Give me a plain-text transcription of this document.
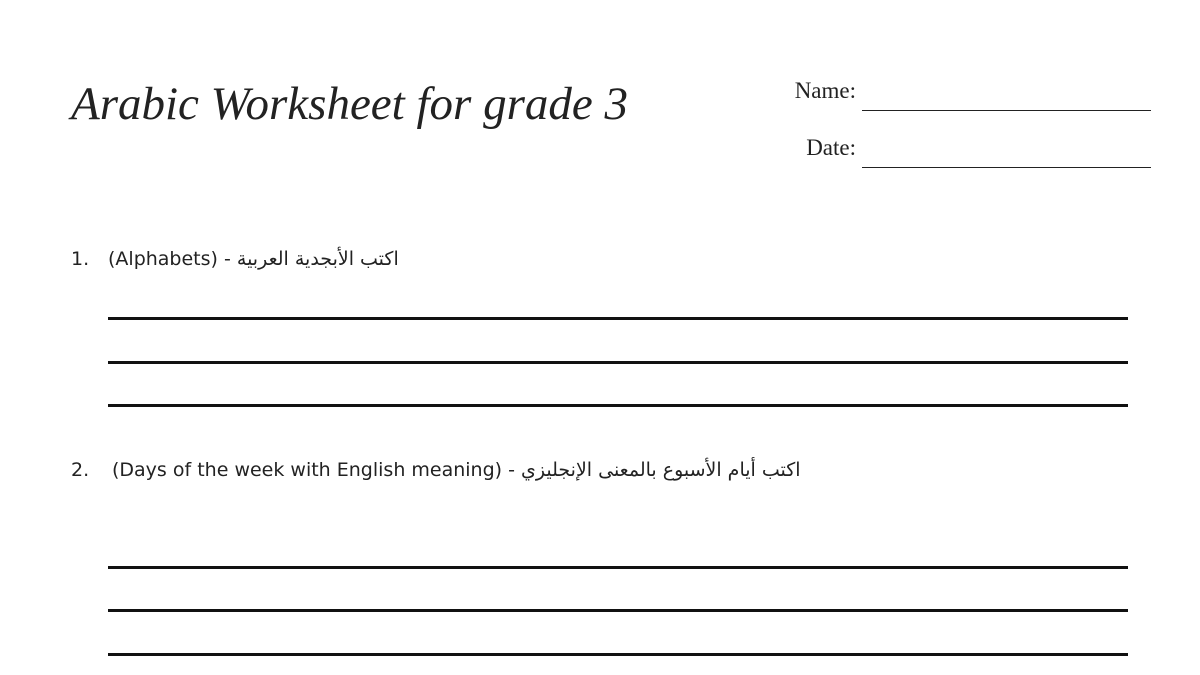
Arabic Worksheet for grade 3	Name:
Date:
1. (Alphabets) - اكتب الأبجدية العربية
2. (Days of the week with English meaning) - اكتب أيام الأسبوع بالمعنى الإنجليزي
